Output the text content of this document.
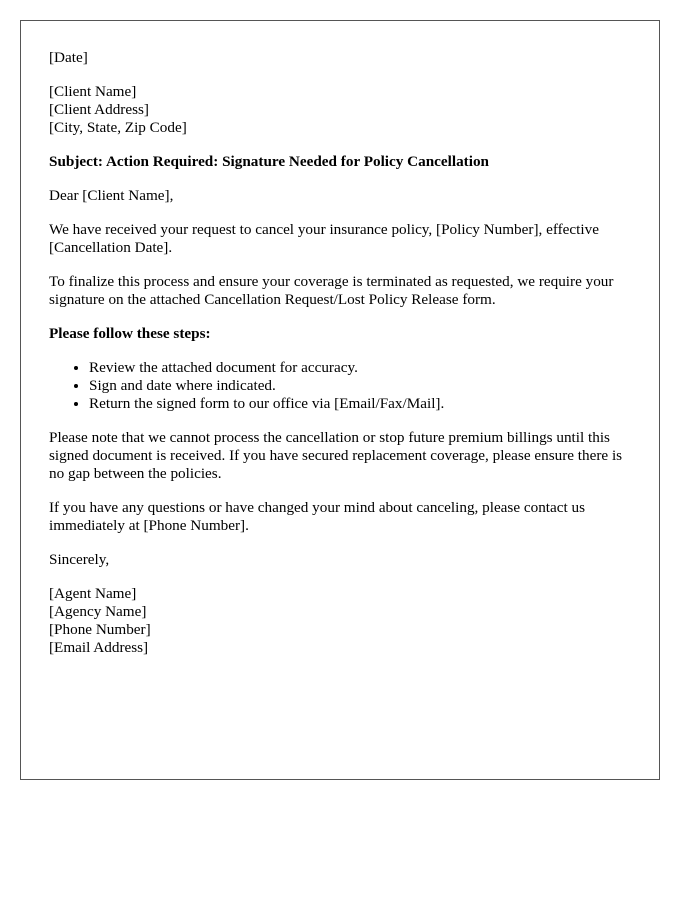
[Date]

[Client Name]
[Client Address]
[City, State, Zip Code]

Subject: Action Required: Signature Needed for Policy Cancellation

Dear [Client Name],

We have received your request to cancel your insurance policy, [Policy Number], effective [Cancellation Date].

To finalize this process and ensure your coverage is terminated as requested, we require your signature on the attached Cancellation Request/Lost Policy Release form.

Please follow these steps:

• Review the attached document for accuracy.
• Sign and date where indicated.
• Return the signed form to our office via [Email/Fax/Mail].

Please note that we cannot process the cancellation or stop future premium billings until this signed document is received. If you have secured replacement coverage, please ensure there is no gap between the policies.

If you have any questions or have changed your mind about canceling, please contact us immediately at [Phone Number].

Sincerely,

[Agent Name]
[Agency Name]
[Phone Number]
[Email Address]
